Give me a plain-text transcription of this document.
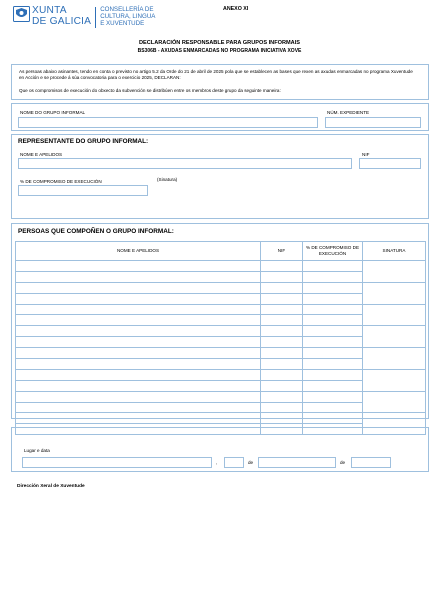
XUNTA
DE GALICIA
CONSELLERÍA DE
CULTURA, LINGUA
E XUVENTUDE
ANEXO XI
DECLARACIÓN RESPONSABLE PARA GRUPOS INFORMAIS
BS306B - AXUDAS ENMARCADAS NO PROGRAMA INICIATIVA XOVE
As persoas abaixo asinantes, tendo en conta o previsto no artigo 5.2 da Orde do 21 de abril de 2025 pola que se establecen as bases que rexen as axudas enmarcadas no programa Xuventude en Acción e se procede á súa convocatoria para o exercicio 2025, DECLARAN:
Que os compromisos de execución do obxecto da subvención se distribúen entre os membros deste grupo da seguinte maneira:
NOME DO GRUPO INFORMAL	NÚM. EXPEDIENTE
REPRESENTANTE DO GRUPO INFORMAL:
NOME E APELIDOS	NIF
% DE COMPROMISO DE EXECUCIÓN	(Sinatura)
PERSOAS QUE COMPOÑEN O GRUPO INFORMAL:
NOME E APELIDOS	NIF	% DE COMPROMISO DE EXECUCIÓN	SINATURA

Lugar e data
,	de	de
Dirección Xeral de Xuventude
